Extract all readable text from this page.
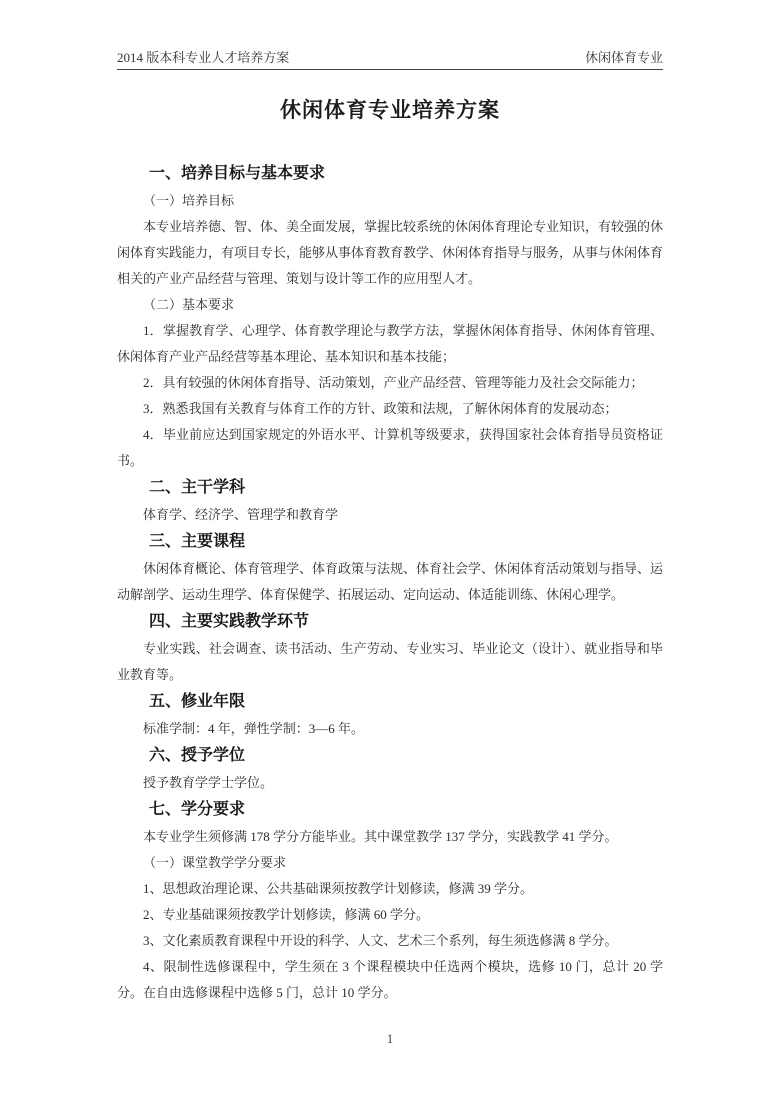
2014 版本科专业人才培养方案	休闲体育专业
休闲体育专业培养方案
一、培养目标与基本要求

（一）培养目标

本专业培养德、智、体、美全面发展，掌握比较系统的休闲体育理论专业知识，有较强的休闲体育实践能力，有项目专长，能够从事体育教育教学、休闲体育指导与服务，从事与休闲体育相关的产业产品经营与管理、策划与设计等工作的应用型人才。

（二）基本要求

1．掌握教育学、心理学、体育教学理论与教学方法，掌握休闲体育指导、休闲体育管理、休闲体育产业产品经营等基本理论、基本知识和基本技能；

2．具有较强的休闲体育指导、活动策划，产业产品经营、管理等能力及社会交际能力；

3．熟悉我国有关教育与体育工作的方针、政策和法规，了解休闲体育的发展动态；

4．毕业前应达到国家规定的外语水平、计算机等级要求，获得国家社会体育指导员资格证书。

二、主干学科

体育学、经济学、管理学和教育学

三、主要课程

休闲体育概论、体育管理学、体育政策与法规、体育社会学、休闲体育活动策划与指导、运动解剖学、运动生理学、体育保健学、拓展运动、定向运动、体适能训练、休闲心理学。

四、主要实践教学环节

专业实践、社会调查、读书活动、生产劳动、专业实习、毕业论文（设计）、就业指导和毕业教育等。

五、修业年限

标准学制：4 年，弹性学制：3—6 年。

六、授予学位

授予教育学学士学位。

七、学分要求

本专业学生须修满 178 学分方能毕业。其中课堂教学 137 学分，实践教学 41 学分。

（一）课堂教学学分要求

1、思想政治理论课、公共基础课须按教学计划修读，修满 39 学分。

2、专业基础课须按教学计划修读，修满 60 学分。

3、文化素质教育课程中开设的科学、人文、艺术三个系列，每生须选修满 8 学分。

4、限制性选修课程中，学生须在 3 个课程模块中任选两个模块，选修 10 门，总计 20 学分。在自由选修课程中选修 5 门，总计 10 学分。

1
